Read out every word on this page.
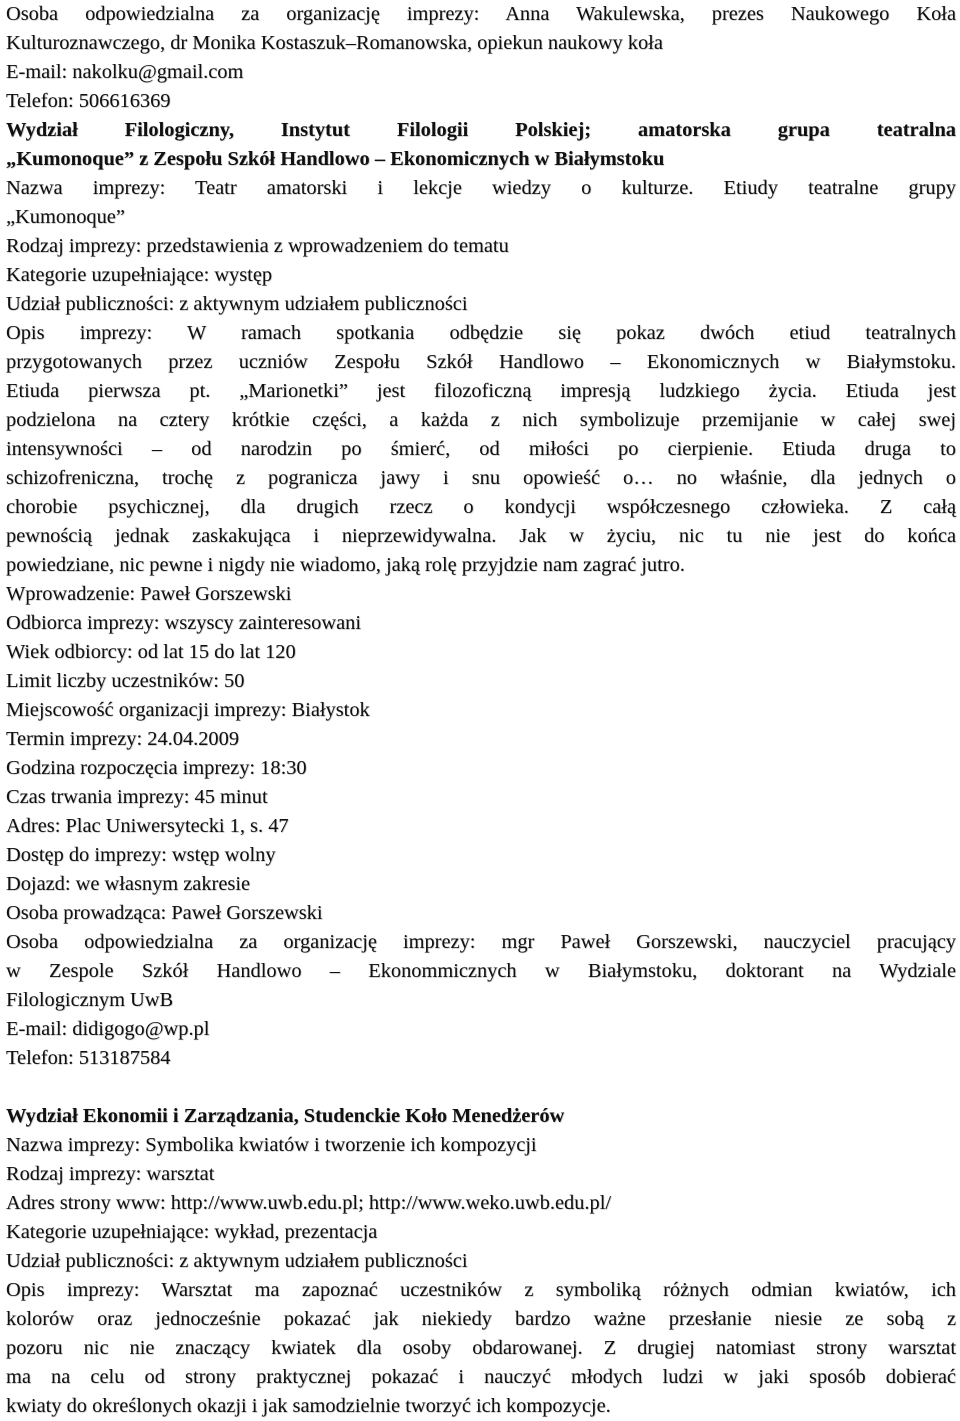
Osoba odpowiedzialna za organizację imprezy: Anna Wakulewska, prezes Naukowego Koła
Kulturoznawczego, dr Monika Kostaszuk–Romanowska, opiekun naukowy koła
E-mail: nakolku@gmail.com
Telefon: 506616369
Wydział Filologiczny, Instytut Filologii Polskiej; amatorska grupa teatralna
„Kumonoque” z Zespołu Szkół Handlowo – Ekonomicznych w Białymstoku
Nazwa imprezy: Teatr amatorski i lekcje wiedzy o kulturze. Etiudy teatralne grupy
„Kumonoque”
Rodzaj imprezy: przedstawienia z wprowadzeniem do tematu
Kategorie uzupełniające: występ
Udział publiczności: z aktywnym udziałem publiczności
Opis imprezy: W ramach spotkania odbędzie się pokaz dwóch etiud teatralnych
przygotowanych przez uczniów Zespołu Szkół Handlowo – Ekonomicznych w Białymstoku.
Etiuda pierwsza pt. „Marionetki” jest filozoficzną impresją ludzkiego życia. Etiuda jest
podzielona na cztery krótkie części, a każda z nich symbolizuje przemijanie w całej swej
intensywności – od narodzin po śmierć, od miłości po cierpienie. Etiuda druga to
schizofreniczna, trochę z pogranicza jawy i snu opowieść o… no właśnie, dla jednych o
chorobie psychicznej, dla drugich rzecz o kondycji współczesnego człowieka. Z całą
pewnością jednak zaskakująca i nieprzewidywalna. Jak w życiu, nic tu nie jest do końca
powiedziane, nic pewne i nigdy nie wiadomo, jaką rolę przyjdzie nam zagrać jutro.
Wprowadzenie: Paweł Gorszewski
Odbiorca imprezy: wszyscy zainteresowani
Wiek odbiorcy: od lat 15 do lat 120
Limit liczby uczestników: 50
Miejscowość organizacji imprezy: Białystok
Termin imprezy: 24.04.2009
Godzina rozpoczęcia imprezy: 18:30
Czas trwania imprezy: 45 minut
Adres: Plac Uniwersytecki 1, s. 47
Dostęp do imprezy: wstęp wolny
Dojazd: we własnym zakresie
Osoba prowadząca: Paweł Gorszewski
Osoba odpowiedzialna za organizację imprezy: mgr Paweł Gorszewski, nauczyciel pracujący
w Zespole Szkół Handlowo – Ekonommicznych w Białymstoku, doktorant na Wydziale
Filologicznym UwB
E-mail: didigogo@wp.pl
Telefon: 513187584
Wydział Ekonomii i Zarządzania, Studenckie Koło Menedżerów
Nazwa imprezy: Symbolika kwiatów i tworzenie ich kompozycji
Rodzaj imprezy: warsztat
Adres strony www: http://www.uwb.edu.pl; http://www.weko.uwb.edu.pl/
Kategorie uzupełniające: wykład, prezentacja
Udział publiczności: z aktywnym udziałem publiczności
Opis imprezy: Warsztat ma zapoznać uczestników z symboliką różnych odmian kwiatów, ich
kolorów oraz jednocześnie pokazać jak niekiedy bardzo ważne przesłanie niesie ze sobą z
pozoru nic nie znaczący kwiatek dla osoby obdarowanej. Z drugiej natomiast strony warsztat
ma na celu od strony praktycznej pokazać i nauczyć młodych ludzi w jaki sposób dobierać
kwiaty do określonych okazji i jak samodzielnie tworzyć ich kompozycje.
